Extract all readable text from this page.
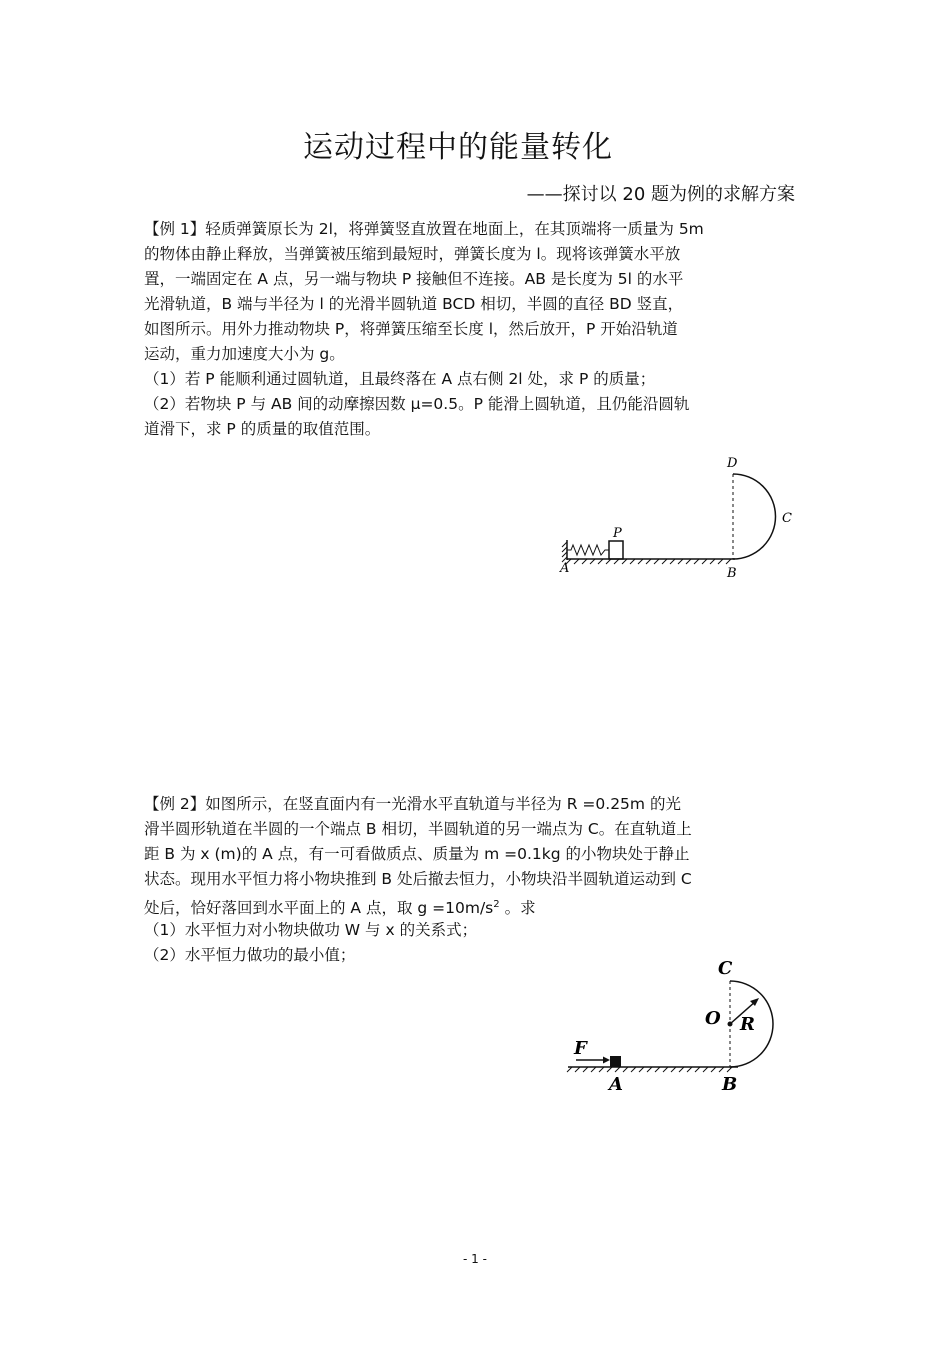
运动过程中的能量转化
——探讨以 20 题为例的求解方案
【例 1】轻质弹簧原长为 2l，将弹簧竖直放置在地面上，在其顶端将一质量为 5m
的物体由静止释放，当弹簧被压缩到最短时，弹簧长度为 l。现将该弹簧水平放
置，一端固定在 A 点，另一端与物块 P 接触但不连接。AB 是长度为 5l 的水平
光滑轨道，B 端与半径为 l 的光滑半圆轨道 BCD 相切，半圆的直径 BD 竖直，
如图所示。用外力推动物块 P，将弹簧压缩至长度 l，然后放开，P 开始沿轨道
运动，重力加速度大小为 g。
（1）若 P 能顺利通过圆轨道，且最终落在 A 点右侧 2l 处，求 P 的质量；
（2）若物块 P 与 AB 间的动摩擦因数 μ=0.5。P 能滑上圆轨道，且仍能沿圆轨
道滑下，求 P 的质量的取值范围。
A	B
C
D
P
【例 2】如图所示，在竖直面内有一光滑水平直轨道与半径为 R =0.25m 的光
滑半圆形轨道在半圆的一个端点 B 相切，半圆轨道的另一端点为 C。在直轨道上
距 B 为 x (m)的 A 点，有一可看做质点、质量为 m =0.1kg 的小物块处于静止
状态。现用水平恒力将小物块推到 B 处后撤去恒力，小物块沿半圆轨道运动到 C
处后，恰好落回到水平面上的 A 点，取 $g =10m/s^2$ 。求
（1）水平恒力对小物块做功 W 与 x 的关系式；
（2）水平恒力做功的最小值；
C
O R
F
A	B
- 1 -
